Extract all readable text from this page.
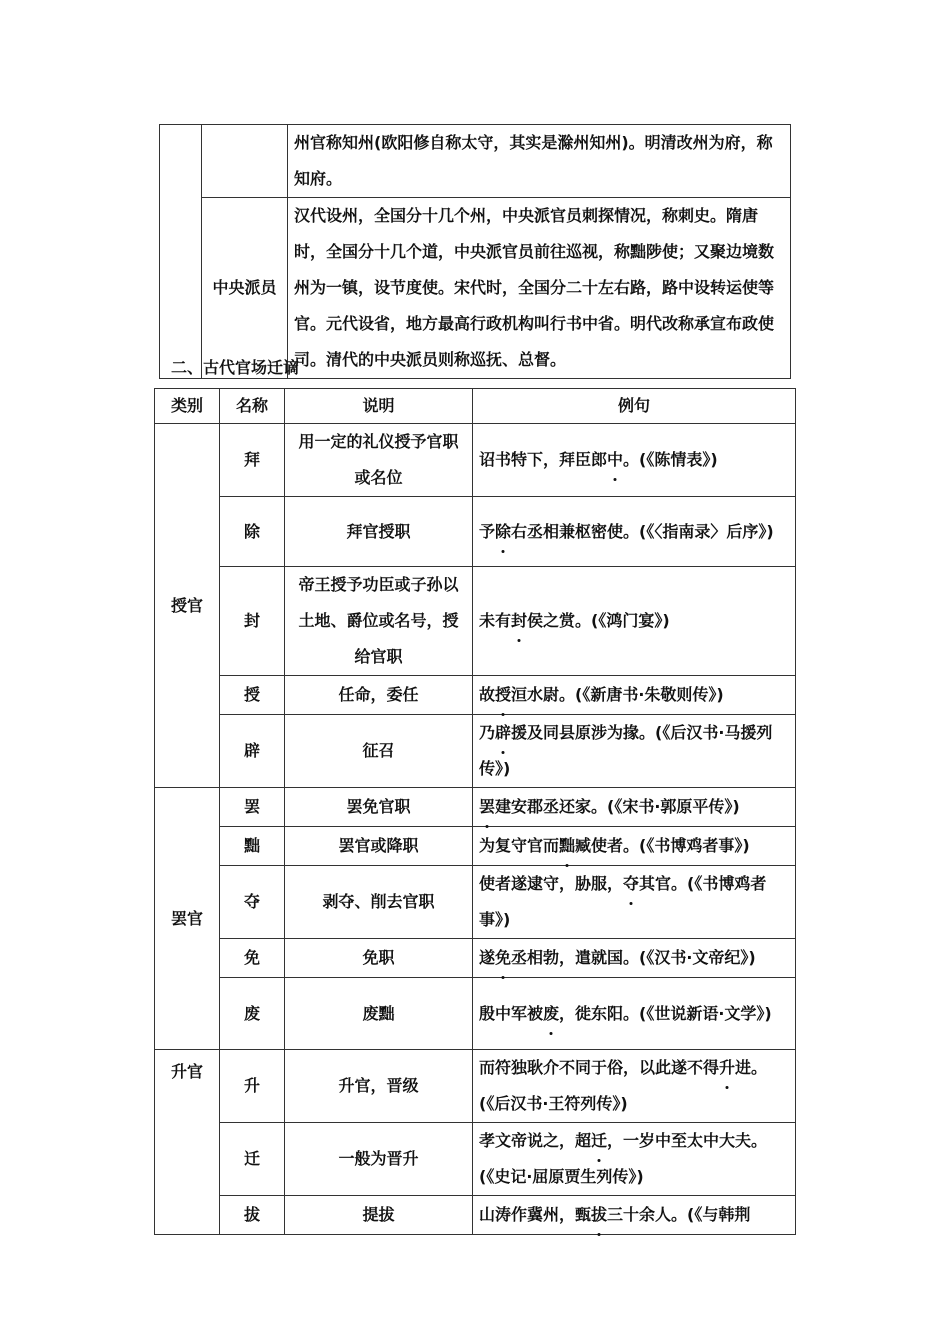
		州官称知州(欧阳修自称太守，其实是滁州知州)。明清改州为府，称知府。
	中央派员	汉代设州，全国分十几个州，中央派官员刺探情况，称刺史。隋唐时，全国分十几个道，中央派官员前往巡视，称黜陟使；又聚边境数州为一镇，设节度使。宋代时，全国分二十左右路，路中设转运使等官。元代设省，地方最高行政机构叫行书中省。明代改称承宣布政使司。清代的中央派员则称巡抚、总督。

二、古代官场迁谪

类别	名称	说明	例句
授官	拜	用一定的礼仪授予官职或名位	诏书特下，拜臣郎中。(《陈情表》)
	除	拜官授职	予除右丞相兼枢密使。(《〈指南录〉后序》)
	封	帝王授予功臣或子孙以土地、爵位或名号，授给官职	未有封侯之赏。(《鸿门宴》)
	授	任命，委任	故授洹水尉。(《新唐书·朱敬则传》)
	辟	征召	乃辟援及同县原涉为掾。(《后汉书·马援列传》)
罢官	罢	罢免官职	罢建安郡丞还家。(《宋书·郭原平传》)
	黜	罢官或降职	为复守官而黜臧使者。(《书博鸡者事》)
	夺	剥夺、削去官职	使者遂逮守，胁服，夺其官。(《书博鸡者事》)
	免	免职	遂免丞相勃，遣就国。(《汉书·文帝纪》)
	废	废黜	殷中军被废，徙东阳。(《世说新语·文学》)
升官	升	升官，晋级	而符独耿介不同于俗，以此遂不得升进。(《后汉书·王符列传》)
	迁	一般为晋升	孝文帝说之，超迁，一岁中至太中大夫。(《史记·屈原贾生列传》)
	拔	提拔	山涛作冀州，甄拔三十余人。(《与韩荆
